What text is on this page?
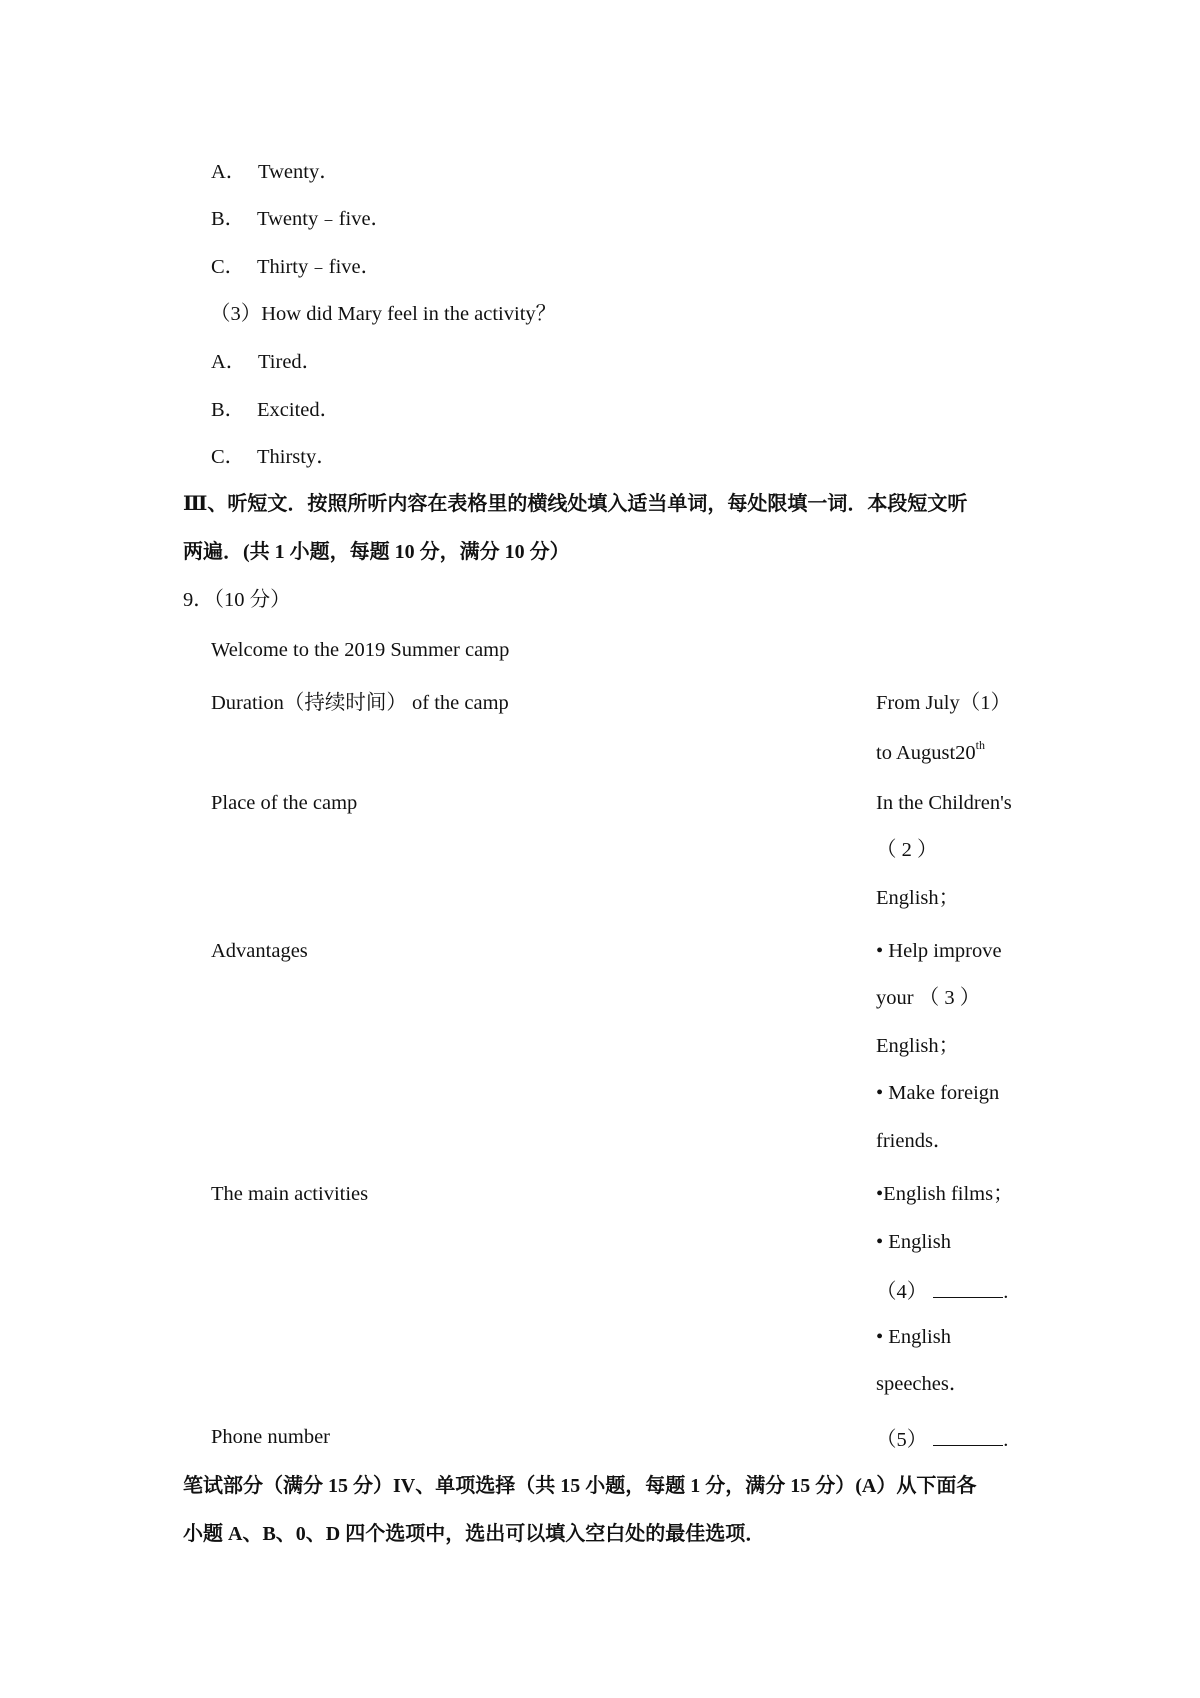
A． Twenty．
B． Twenty﹣five．
C． Thirty﹣five．
（3）How did Mary feel in the activity？
A． Tired．
B． Excited．
C． Thirsty．
Ⅲ、听短文．按照所听内容在表格里的横线处填入适当单词，每处限填一词．本段短文听
两遍．(共 1 小题，每题 10 分，满分 10 分）
9．（10 分）
Welcome to the 2019 Summer camp
Duration（持续时间） of the camp	From July（1）
to August20th
Place of the camp	In the Children's
（ 2 ）
English；
Advantages	• Help improve
your （ 3 ）
English；
• Make foreign
friends．
The main activities	•English films；
• English
（4）	.
• English
speeches．
Phone number	（5）	.
笔试部分（满分 15 分）IV、单项选择（共 15 小题，每题 1 分，满分 15 分）(A）从下面各
小题 A、B、0、D 四个选项中，选出可以填入空白处的最佳选项．
